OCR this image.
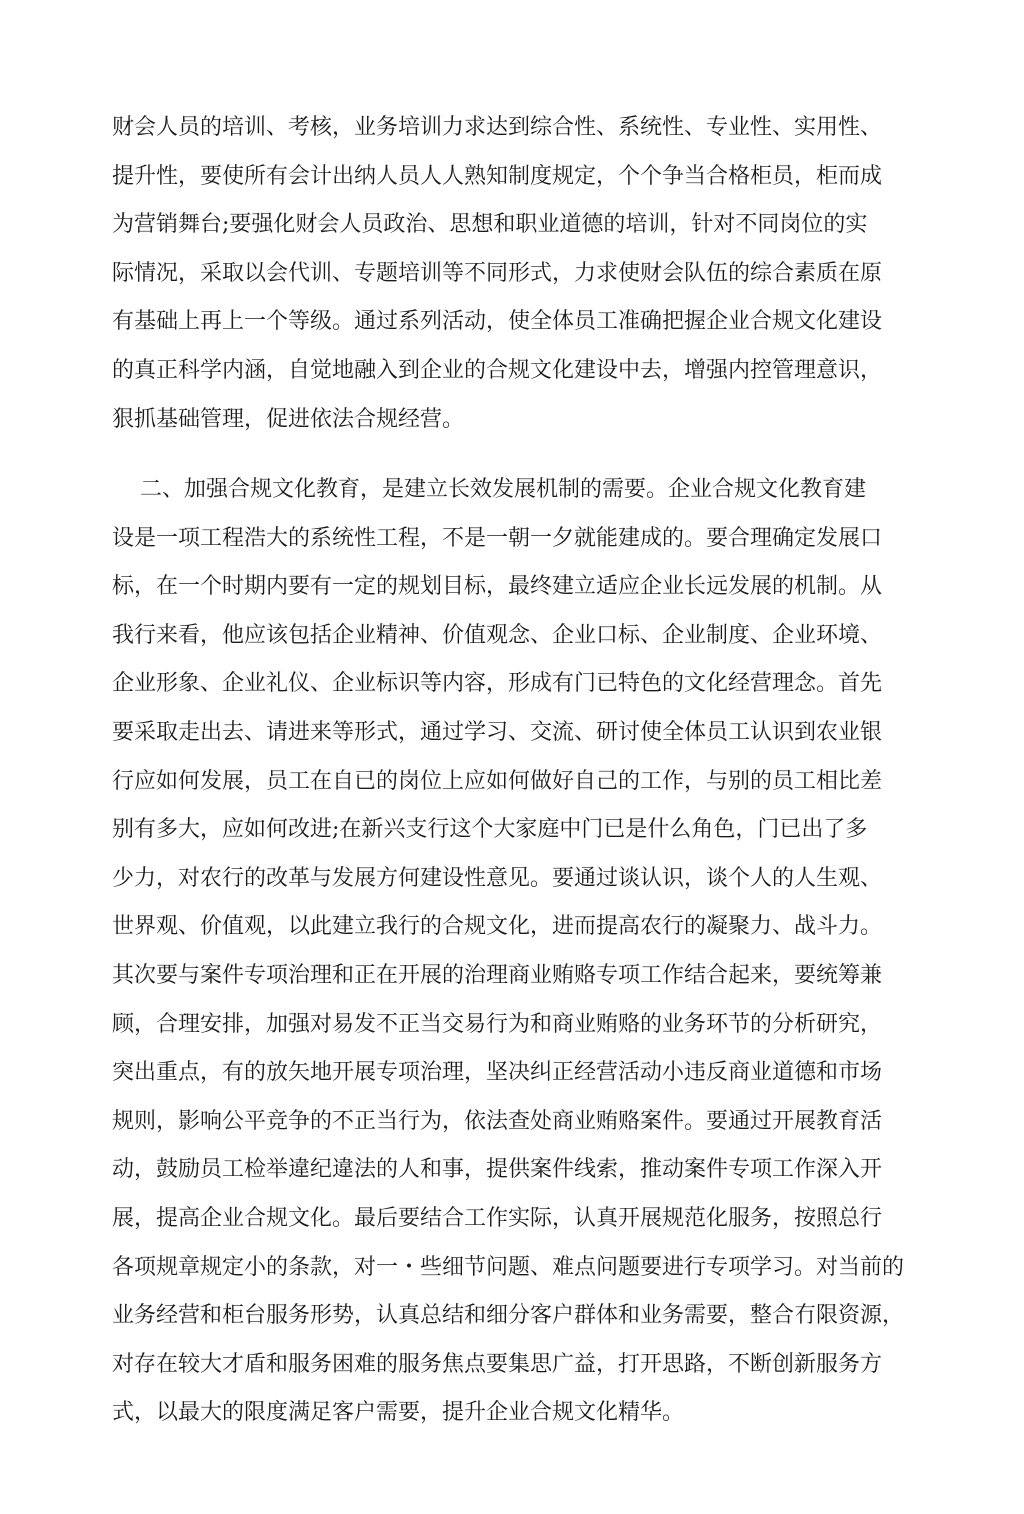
财会人员的培训、考核，业务培训力求达到综合性、系统性、专业性、实用性、
提升性，要使所有会计出纳人员人人熟知制度规定，个个争当合格柜员，柜而成
为营销舞台;要强化财会人员政治、思想和职业道德的培训，针对不同岗位的实
际情况，采取以会代训、专题培训等不同形式，力求使财会队伍的综合素质在原
有基础上再上一个等级。通过系列活动，使全体员工准确把握企业合规文化建设
的真正科学内涵，自觉地融入到企业的合规文化建设中去，增强内控管理意识，
狠抓基础管理，促进依法合规经营。
二、加强合规文化教育，是建立长效发展机制的需要。企业合规文化教育建
设是一项工程浩大的系统性工程，不是一朝一夕就能建成的。要合理确定发展口
标，在一个时期内要有一定的规划目标，最终建立适应企业长远发展的机制。从
我行来看，他应该包括企业精神、价值观念、企业口标、企业制度、企业环境、
企业形象、企业礼仪、企业标识等内容，形成有门已特色的文化经营理念。首先
要采取走出去、请进来等形式，通过学习、交流、研讨使全体员工认识到农业银
行应如何发展，员工在自已的岗位上应如何做好自己的工作，与别的员工相比差
别有多大，应如何改进;在新兴支行这个大家庭中门已是什么角色，门已出了多
少力，对农行的改革与发展方何建设性意见。要通过谈认识，谈个人的人生观、
世界观、价值观，以此建立我行的合规文化，进而提高农行的凝聚力、战斗力。
其次要与案件专项治理和正在开展的治理商业贿赂专项工作结合起来，要统筹兼
顾，合理安排，加强对易发不正当交易行为和商业贿赂的业务环节的分析研究，
突出重点，有的放矢地开展专项治理，坚决纠正经营活动小违反商业道德和市场
规则，影响公平竞争的不正当行为，依法查处商业贿赂案件。要通过开展教育活
动，鼓励员工检举違纪違法的人和事，提供案件线索，推动案件专项工作深入开
展，提高企业合规文化。最后要结合工作实际，认真开展规范化服务，按照总行
各项规章规定小的条款，对一・些细节问题、难点问题要进行专项学习。对当前的
业务经营和柜台服务形势，认真总结和细分客户群体和业务需要，整合冇限资源，
对存在较大才盾和服务困难的服务焦点要集思广益，打开思路，不断创新服务方
式，以最大的限度满足客户需要，提升企业合规文化精华。
